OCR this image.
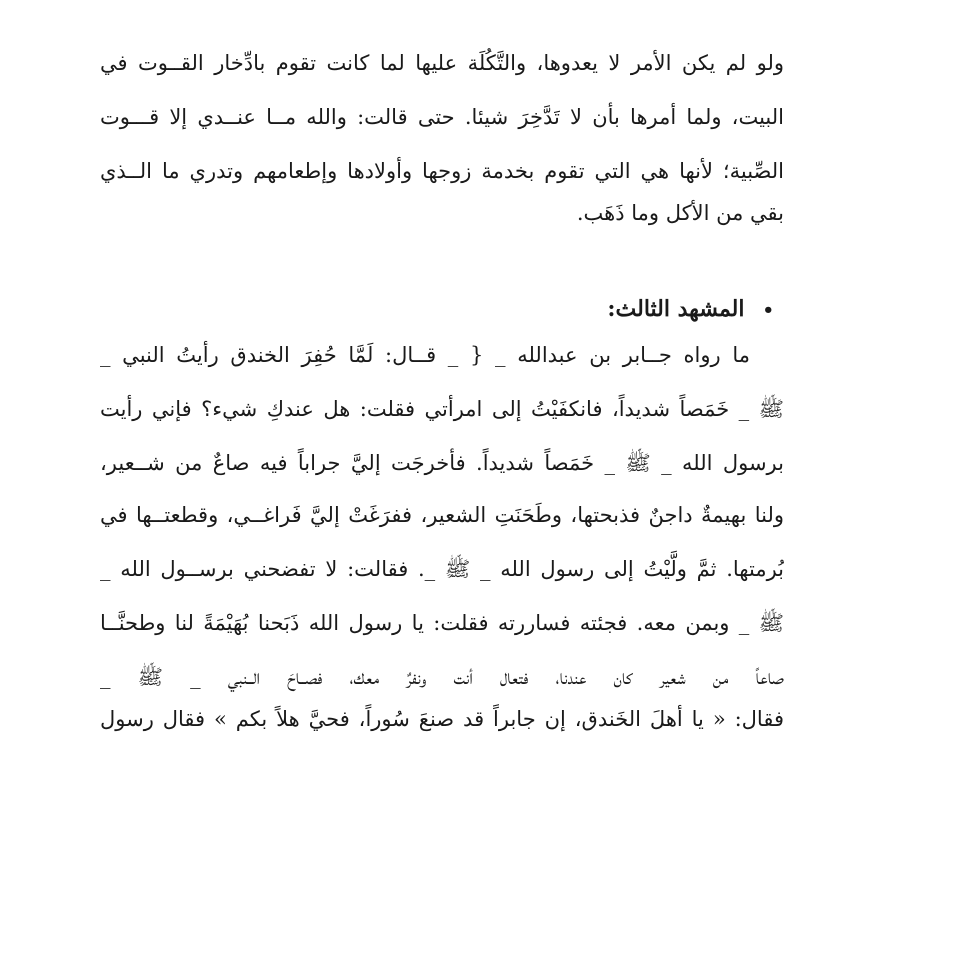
ولو لم يكن الأمر لا يعدوها، والتَّكُلَة عليها لما كانت تقوم بادِّخار القــوت في
البيت، ولما أمرها بأن لا تَدَّخِرَ شيئا. حتى قالت: والله مــا عنــدي إلا قـــوت
الصِّبية؛ لأنها هي التي تقوم بخدمة زوجها وأولادها وإطعامهم وتدري ما الــذي
بقي من الأكل وما ذَهَب.
•المشهد الثالث:
ما رواه جــابر بن عبدالله _ { _ قــال: لَمَّا حُفِرَ الخندق رأيتُ النبي _
ﷺ _ خَمَصاً شديداً، فانكفَيْتُ إلى امرأتي فقلت: هل عندكِ شيء؟ فإني رأيت
برسول الله _ ﷺ _ خَمَصاً شديداً. فأخرجَت إليَّ جراباً فيه صاعٌ من شــعير،
ولنا بهيمةٌ داجنٌ فذبحتها، وطَحَنَتِ الشعير، ففرَغَتْ إليَّ فَراغــي، وقطعتــها في
بُرمتها. ثمَّ ولَّيْتُ إلى رسول الله _ ﷺ _. فقالت: لا تفضحني برســول الله _
ﷺ _ وبمن معه. فجئته فساررته فقلت: يا رسول الله ذَبَحنا بُهَيْمَةً لنا وطحنَّــا
صاعاً من شعير كان عندنا، فتعال أنت ونفرٌ معك، فصــاحَ الــنبي _ ﷺ _
فقال: « يا أهلَ الخَندق، إن جابراً قد صنعَ سُوراً، فحيَّ هلاً بكم » فقال رسول
